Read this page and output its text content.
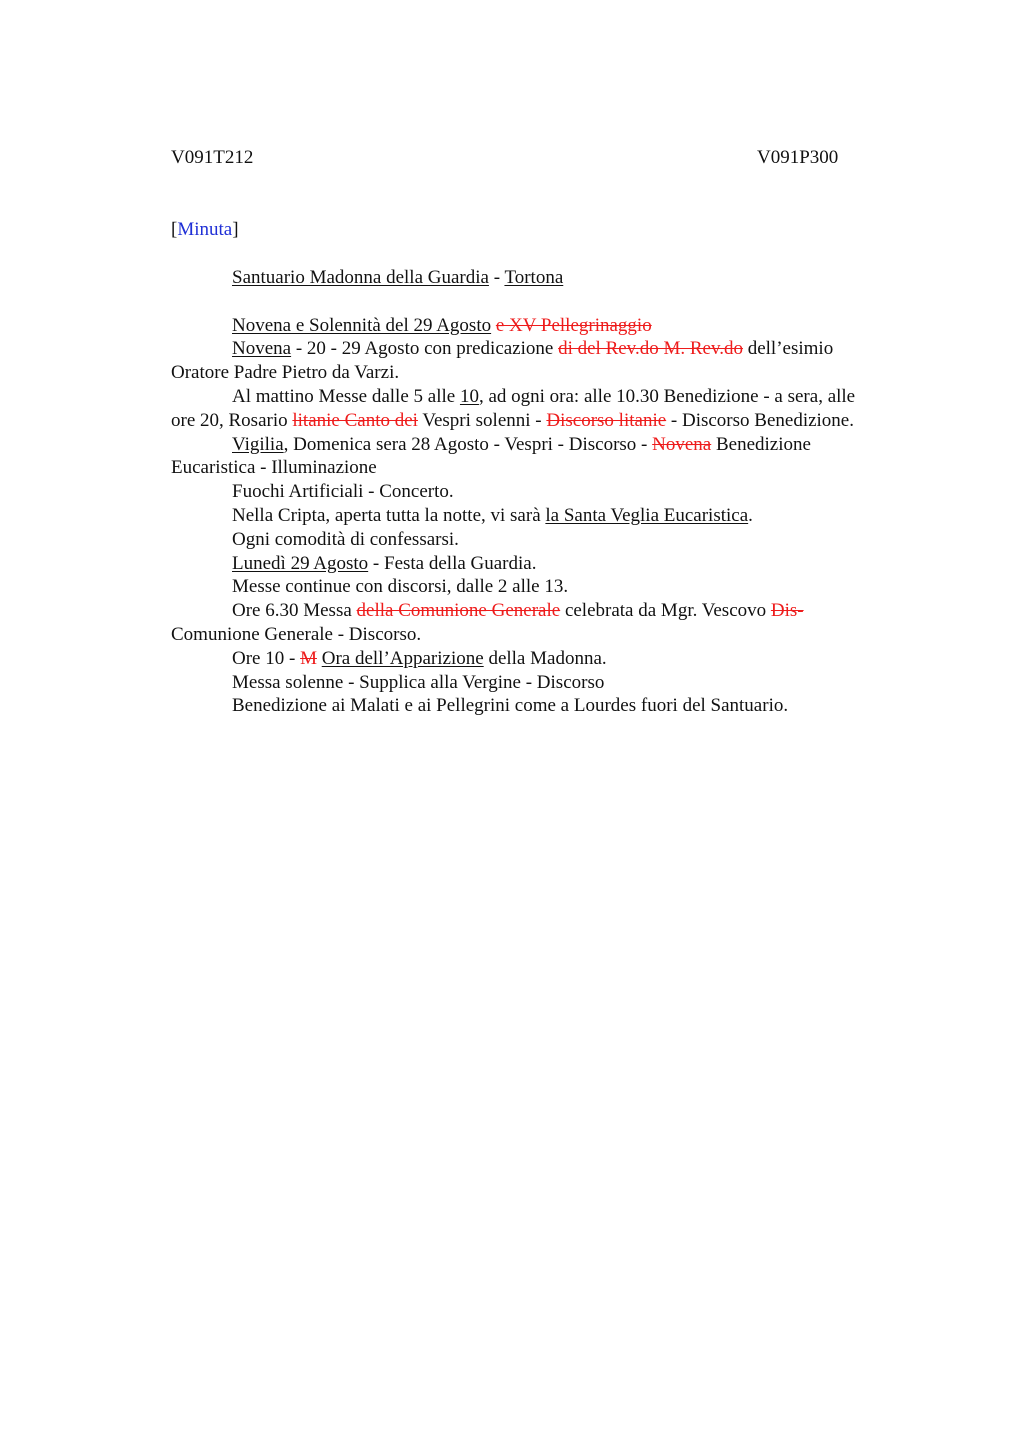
V091T212	V091P300
[Minuta]
Santuario Madonna della Guardia - Tortona
Novena e Solennità del 29 Agosto e XV Pellegrinaggio
Novena - 20 - 29 Agosto con predicazione di del Rev.do M. Rev.do dell’esimio
Oratore Padre Pietro da Varzi.
Al mattino Messe dalle 5 alle 10, ad ogni ora: alle 10.30 Benedizione - a sera, alle
ore 20, Rosario litanie Canto dei Vespri solenni - Discorso litanie - Discorso Benedizione.
Vigilia, Domenica sera 28 Agosto - Vespri - Discorso - Novena Benedizione
Eucaristica - Illuminazione
Fuochi Artificiali - Concerto.
Nella Cripta, aperta tutta la notte, vi sarà la Santa Veglia Eucaristica.
Ogni comodità di confessarsi.
Lunedì 29 Agosto - Festa della Guardia.
Messe continue con discorsi, dalle 2 alle 13.
Ore 6.30 Messa della Comunione Generale celebrata da Mgr. Vescovo Dis-
Comunione Generale - Discorso.
Ore 10 - M Ora dell’Apparizione della Madonna.
Messa solenne - Supplica alla Vergine - Discorso
Benedizione ai Malati e ai Pellegrini come a Lourdes fuori del Santuario.
